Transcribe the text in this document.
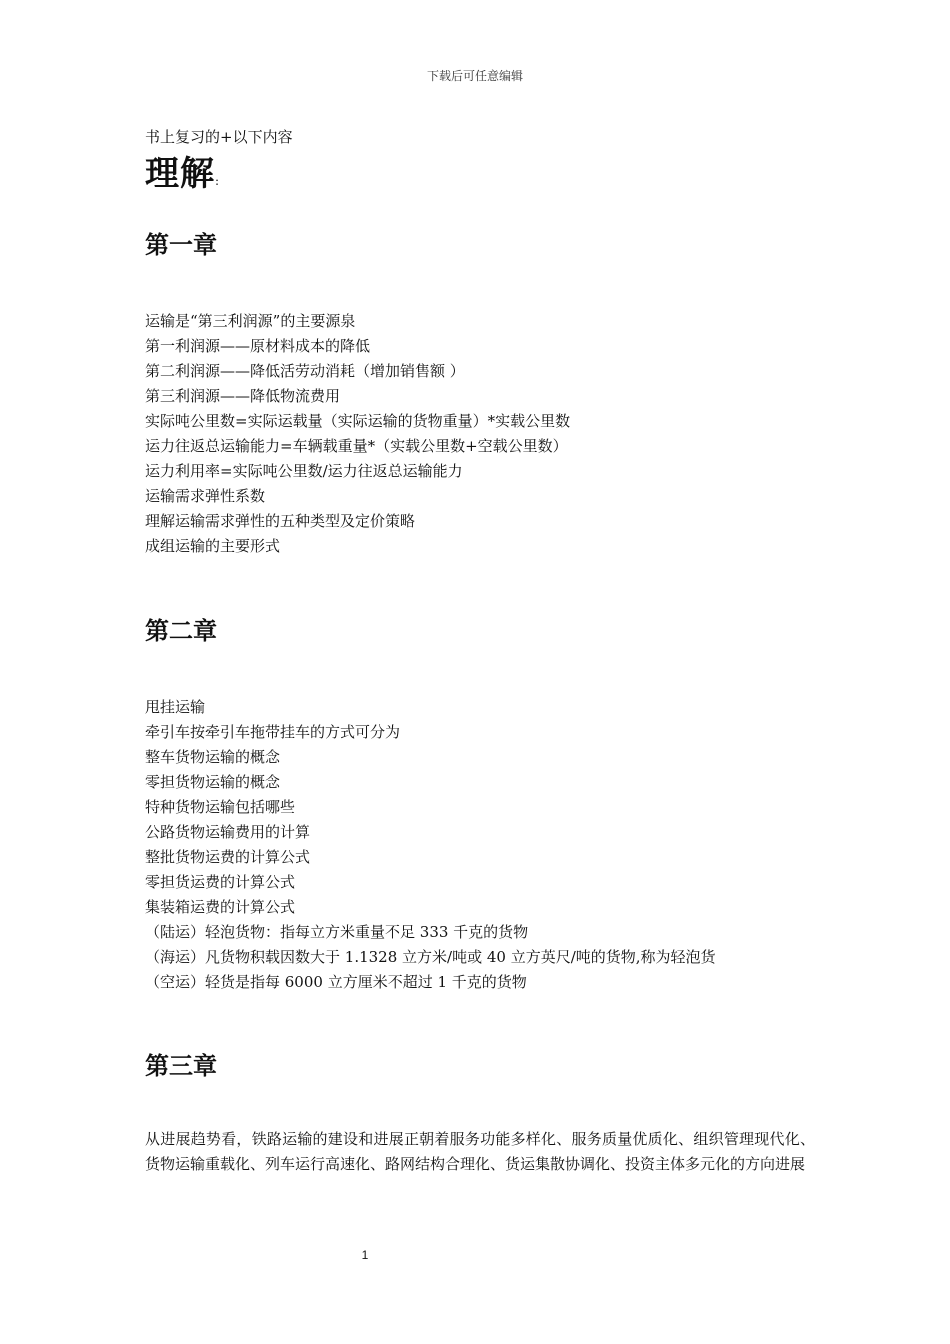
下载后可任意编辑

书上复习的+以下内容

理解:
第一章
运输是“第三利润源”的主要源泉
第一利润源——原材料成本的降低
第二利润源——降低活劳动消耗（增加销售额 ）
第三利润源——降低物流费用
实际吨公里数=实际运载量（实际运输的货物重量）*实载公里数
运力往返总运输能力=车辆载重量*（实载公里数+空载公里数）
运力利用率=实际吨公里数/运力往返总运输能力
运输需求弹性系数
理解运输需求弹性的五种类型及定价策略
成组运输的主要形式
第二章
甩挂运输
牵引车按牵引车拖带挂车的方式可分为
整车货物运输的概念
零担货物运输的概念
特种货物运输包括哪些
公路货物运输费用的计算
整批货物运费的计算公式
零担货运费的计算公式
集装箱运费的计算公式
（陆运）轻泡货物：指每立方米重量不足 333 千克的货物
（海运）凡货物积载因数大于 1.1328 立方米/吨或 40 立方英尺/吨的货物,称为轻泡货
（空运）轻货是指每 6000 立方厘米不超过 1 千克的货物
第三章

从进展趋势看，铁路运输的建设和进展正朝着服务功能多样化、服务质量优质化、组织管理现代化、货物运输重载化、列车运行高速化、路网结构合理化、货运集散协调化、投资主体多元化的方向进展

1
